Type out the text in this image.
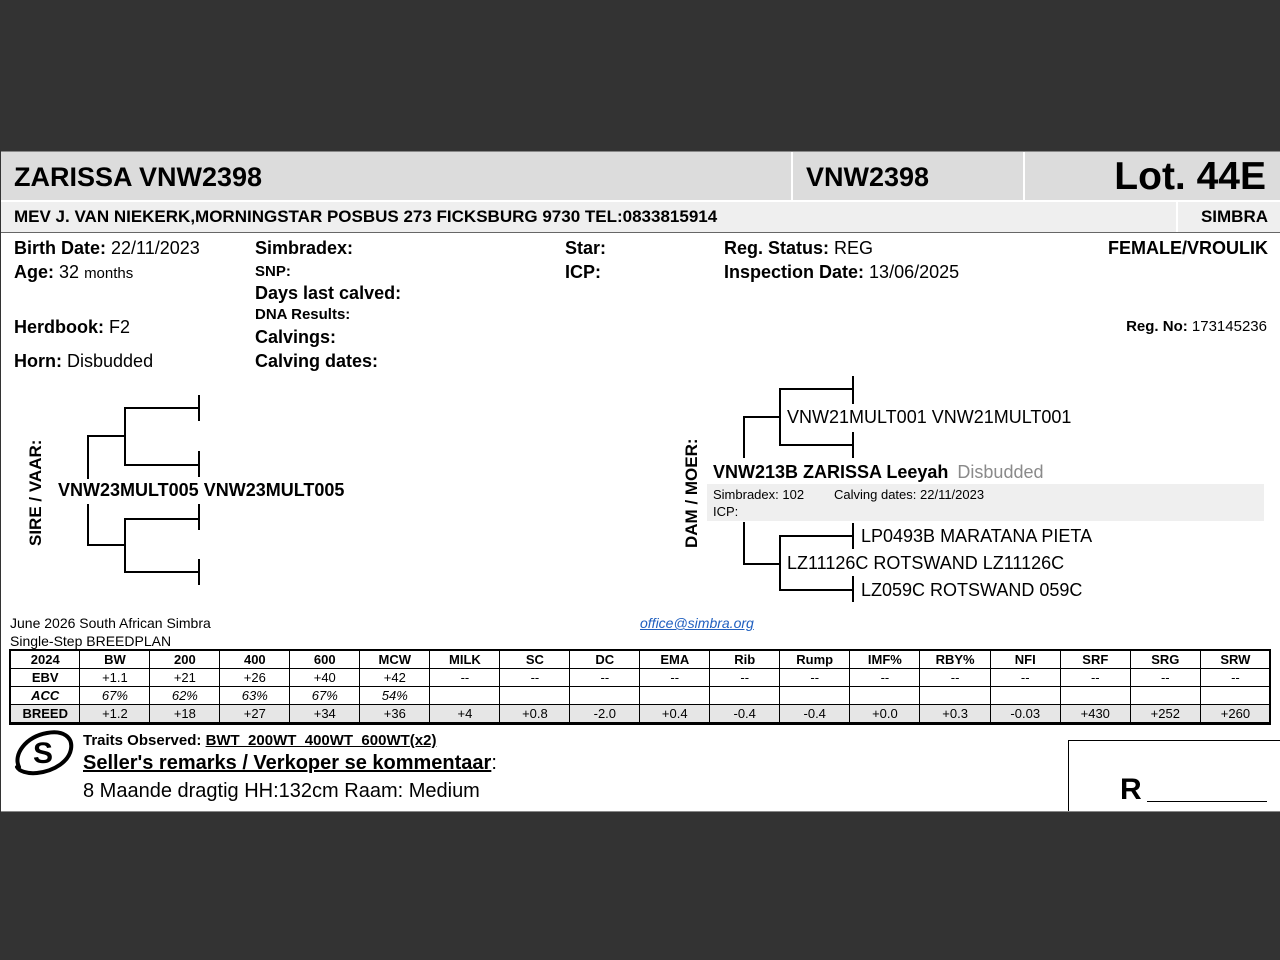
ZARISSA VNW2398	VNW2398	Lot. 44E
MEV J. VAN NIEKERK,MORNINGSTAR POSBUS 273 FICKSBURG 9730 TEL:0833815914	SIMBRA
Birth Date: 22/11/2023
Age: 32 months
Herdbook: F2
Horn: Disbudded
Simbradex:
SNP:
Days last calved:
DNA Results:
Calvings:
Calving dates:
Star:
ICP:
Reg. Status: REG
Inspection Date: 13/06/2025
FEMALE/VROULIK
Reg. No: 173145236
SIRE / VAAR: VNW23MULT005 VNW23MULT005	DAM / MOER:
VNW21MULT001 VNW21MULT001
VNW213B ZARISSA Leeyah Disbudded
Simbradex: 102 Calving dates: 22/11/2023
ICP:
LZ11126C ROTSWAND LZ11126C
LP0493B MARATANA PIETA
LZ059C ROTSWAND 059C
June 2026 South African Simbra
Single-Step BREEDPLAN
office@simbra.org
2024	BW	200	400	600	MCW	MILK	SC	DC	EMA	Rib	Rump	IMF%	RBY%	NFI	SRF	SRG	SRW
EBV	+1.1	+21	+26	+40	+42	--	--	--	--	--	--	--	--	--	--	--	--
ACC	67%	62%	63%	67%	54%												
BREED	+1.2	+18	+27	+34	+36	+4	+0.8	-2.0	+0.4	-0.4	-0.4	+0.0	+0.3	-0.03	+430	+252	+260
S Traits Observed: BWT  200WT  400WT  600WT(x2)
Seller's remarks / Verkoper se kommentaar:
8 Maande dragtig HH:132cm Raam: Medium	R
